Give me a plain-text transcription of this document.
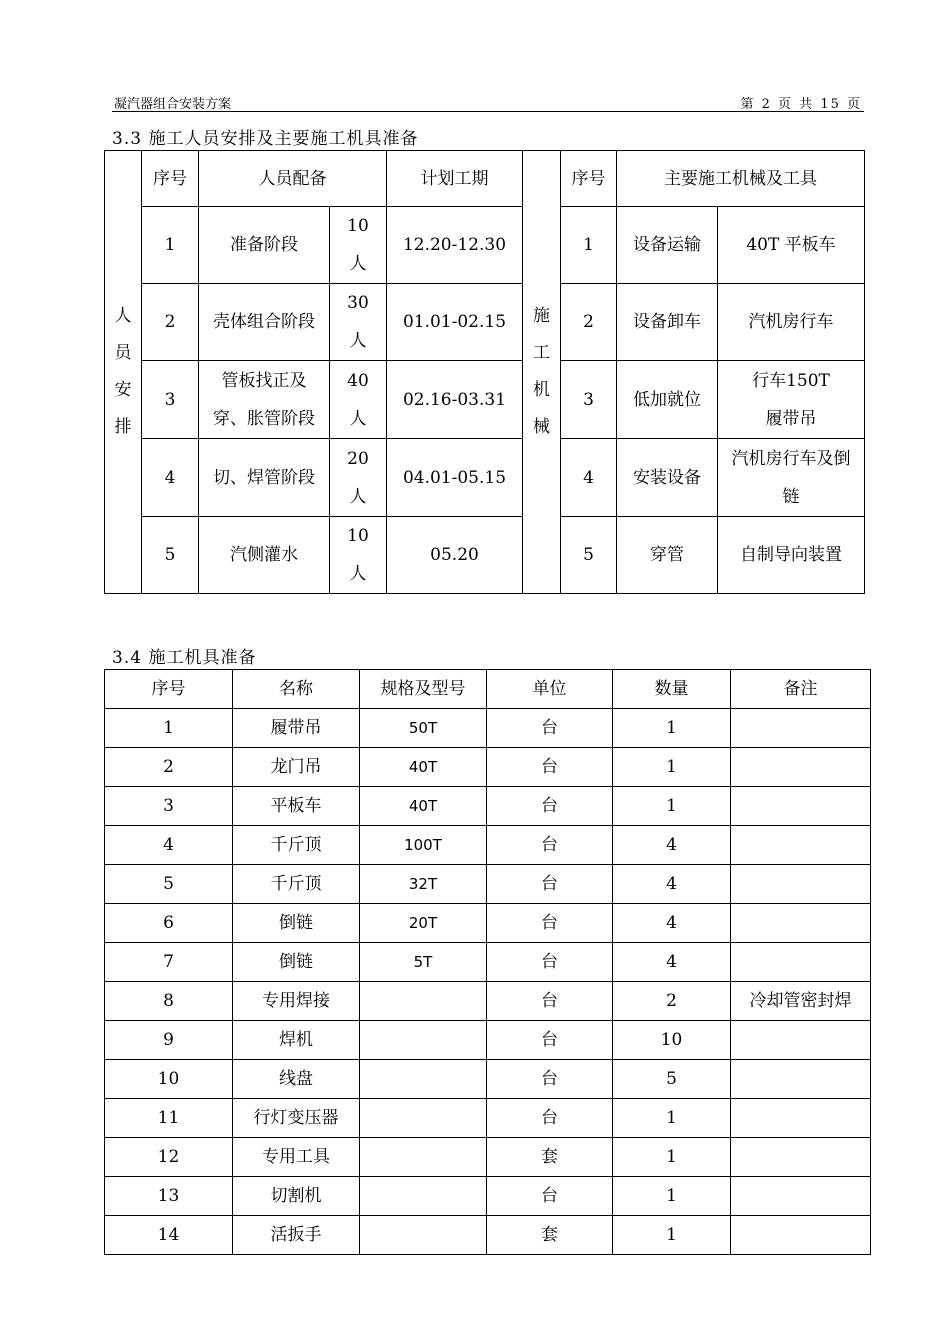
凝汽器组合安装方案	第 2 页 共 15 页
3.3 施工人员安排及主要施工机具准备
人员安排	序号	人员配备		计划工期	施工机械	序号	主要施工机械及工具	
	1	准备阶段	10人	12.20-12.30		1	设备运输	40T 平板车
	2	壳体组合阶段	30人	01.01-02.15		2	设备卸车	汽机房行车
	3	管板找正及穿、胀管阶段	40人	02.16-03.31		3	低加就位	行车150T 履带吊
	4	切、焊管阶段	20人	04.01-05.15		4	安装设备	汽机房行车及倒链
	5	汽侧灌水	10人	05.20		5	穿管	自制导向装置
3.4 施工机具准备
序号	名称	规格及型号	单位	数量	备注
1	履带吊	50T	台	1	
2	龙门吊	40T	台	1	
3	平板车	40T	台	1	
4	千斤顶	100T	台	4	
5	千斤顶	32T	台	4	
6	倒链	20T	台	4	
7	倒链	5T	台	4	
8	专用焊接		台	2	冷却管密封焊
9	焊机		台	10	
10	线盘		台	5	
11	行灯变压器		台	1	
12	专用工具		套	1	
13	切割机		台	1	
14	活扳手		套	1	
